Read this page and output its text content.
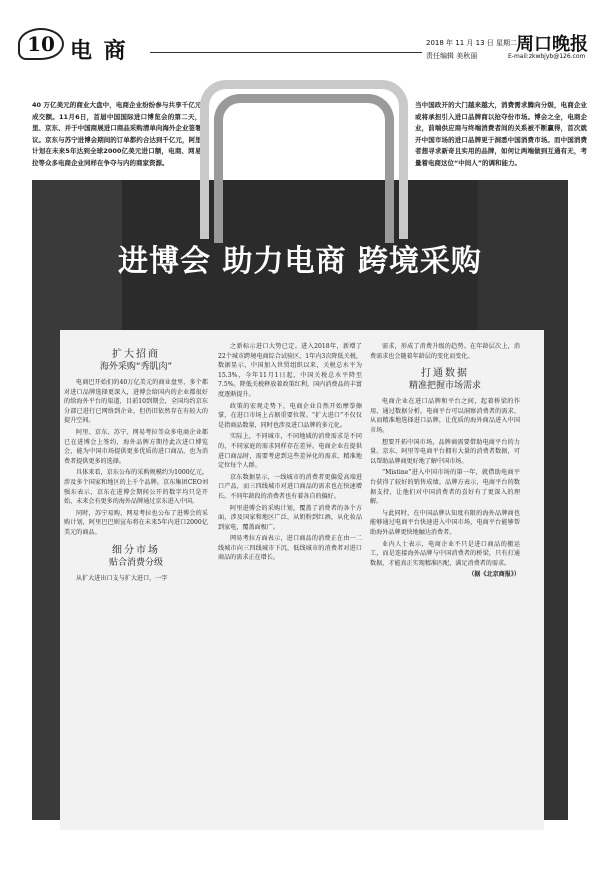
10 电 商	2018 年 11 月 13 日 星期二
责任编辑 美秋丽
周口晚报
E-mail:zkwbjyb@126.com
40 万亿美元的商业大盘中，电商企业纷纷参与共享千亿元的成交额。11月6日，首届中国国际进口博览会的第二天，阿里、京东、并于中国商展进口商品采购清单向海外企业签署协议。京东与苏宁进博会期间的订单都约合达到千亿元，阿里则计划在未来5年达到全球2000亿美元进口额，电商、网易考拉等众多电商企业同样在争夺与内的商家资源。
当中国政开的大门越来越大，消费需求腾向分级，电商企业或将承担引入进口品牌商以抢夺份市场。博会之全，电商企业，前端供应商与终端消费者间的关系被不断赢得，首次就开中国市场的进口品牌更于洞悉中国消费市场。而中国消费者想寻求新奇且实用的品牌，如何让两端做到互通有无，考量着电商这位“中间人”的调和能力。
进博会 助力电商 跨境采购
扩大招商
海外采购“秀肌肉”

电商巴开始们的40万亿美元的商业盘里，多个都对进口品牌选择更深入，进博会给国内的企业都很好的给海外平台的渠道，目前10到期会，全国均约京东分部已进行已网络到企业，但仍旧依然存在有较大的提升空间。

阿里、京东、苏宁、网易考拉等众多电商企业都已在进博会上签约，海外品牌方期待此次进口博览会，能为中国市场提供更多优质的进口商品，也为消费者提供更多的选择。

具体来看，京东公布的采购规模约为1000亿元，涉及多个国家和地区的上千个品牌。京东集团CEO刘强东表示，京东在进博会期间公开的数字均只是开始，未来会有更多的海外品牌通过京东进入中国。

同时，苏宁易购、网易考拉也公布了进博会的采购计划，阿里巴巴则宣布将在未来5年内进口2000亿美元的商品。

细分市场
贴合消费分级

从扩大进出口支与扩大进口，一字

之新标示进口大势已定。进入2018年，新增了22个城市跨境电商综合试验区，1年内3次降低关税，数据显示，中国加入世贸组织以来，关税总水平为15.3%，今年11月1日起，中国关税总水平降至7.5%。降低关税释放着政策红利，国内消费品的丰富度逐渐提升。

政策的宏观走势下，电商企业自然开始摩拳擦掌，在进口市场上占据重要位置。“扩大进口”不仅仅是指商品数量，同时也涉及进口品牌的多元化。

实际上，不同城市，不同地域的消费需求是不同的，不同家庭的需求同样存在差异。电商企业在提供进口商品时，需要考虑到这些差异化的需求，精准地定位每个人群。

京东数据显示，一线城市的消费者更偏爱高端进口产品，而三四线城市对进口商品的需求也在快速增长。不同年龄段的消费者也有着各自的偏好。

阿里进博会的采购计划，覆盖了消费者的各个方面，涉及国家和地区广泛，从奶粉到红酒，从化妆品到家电，覆盖面极广。

网易考拉方面表示，进口商品的消费正在由一二线城市向三四线城市下沉，低线城市的消费者对进口商品的需求正在增长。

需求，形成了消费升级的趋势。在年龄层次上，消费需求也会随着年龄层的变化而变化。

打通数据
精准把握市场需求

电商企业在进口品牌和平台之间，起着桥梁的作用，通过数据分析，电商平台可以洞察消费者的需求，从而精准地选择进口品牌，让优质的海外商品进入中国市场。

想要开拓中国市场，品牌商需要借助电商平台的力量。京东、阿里等电商平台拥有大量的消费者数据，可以帮助品牌商更好地了解中国市场。

“Mistine”进入中国市场的第一年，就借助电商平台获得了较好的销售成绩。品牌方表示，电商平台的数据支持，让他们对中国消费者的喜好有了更深入的理解。

与此同时，在中国品牌认知度有限的海外品牌商也能够通过电商平台快速进入中国市场，电商平台能够帮助海外品牌更快地触达消费者。

业内人士表示，电商企业不只是进口商品的搬运工，而是连接海外品牌与中国消费者的桥梁，只有打通数据，才能真正实现精准匹配，满足消费者的需求。

（据《北京商报》）
